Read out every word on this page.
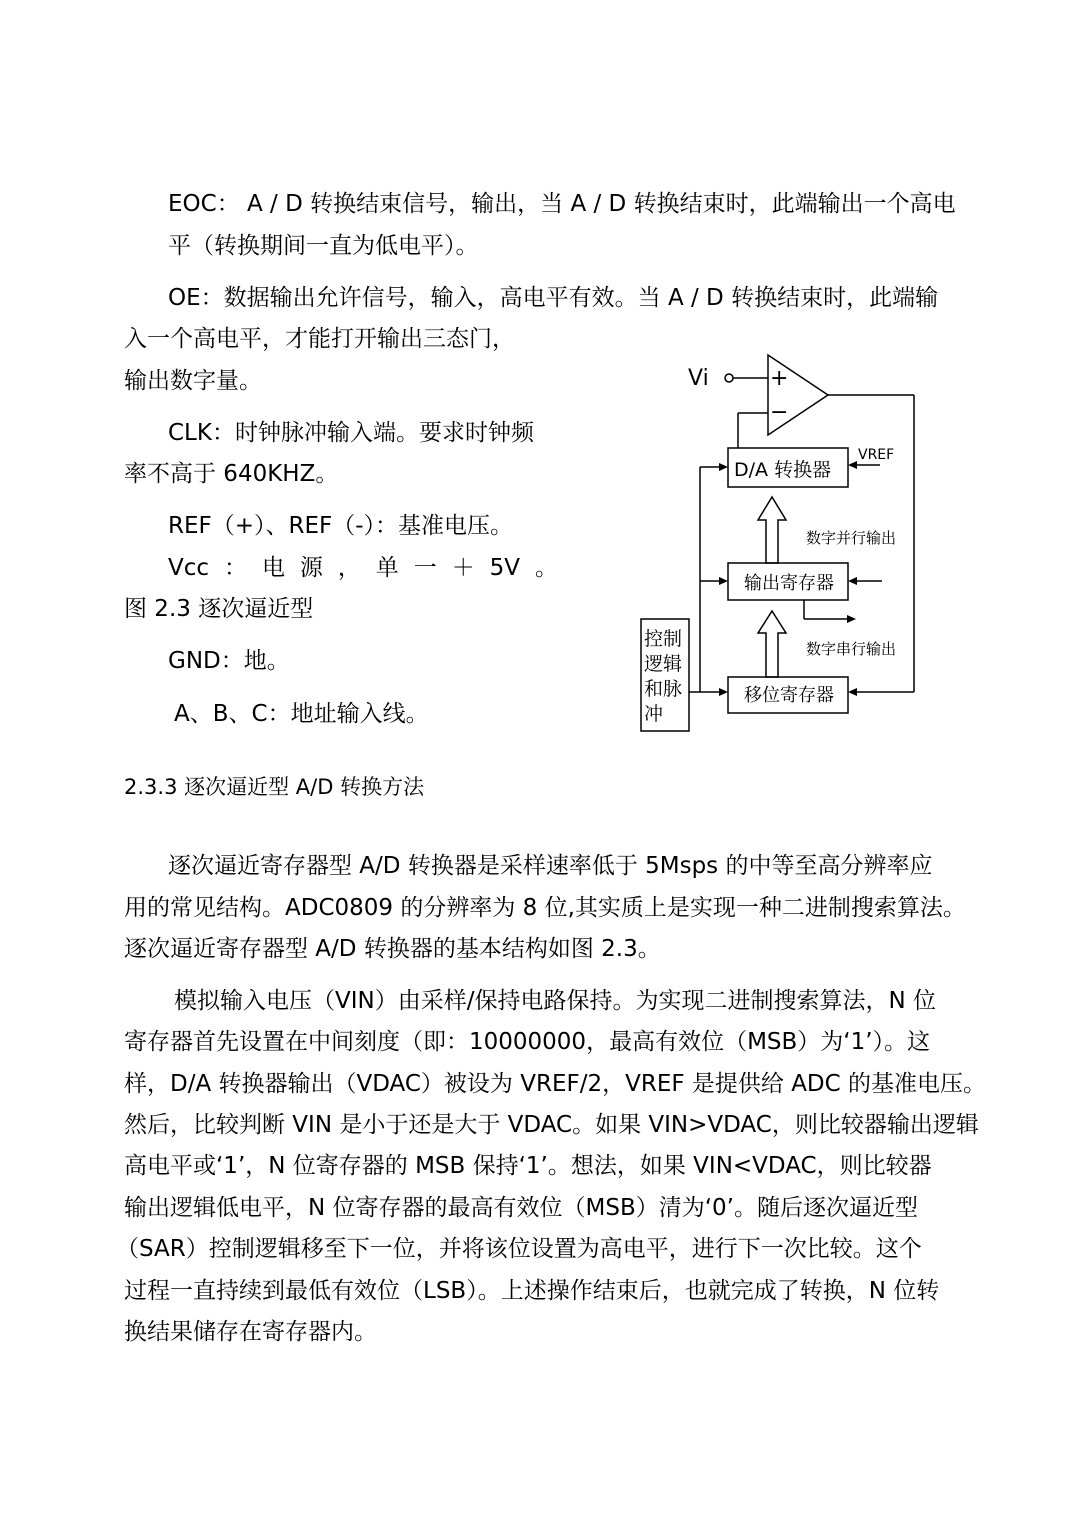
EOC： A / D 转换结束信号，输出，当 A / D 转换结束时，此端输出一个高电
平（转换期间一直为低电平）。
OE：数据输出允许信号，输入，高电平有效。当 A / D 转换结束时，此端输
入一个高电平，才能打开输出三态门，
输出数字量。
CLK：时钟脉冲输入端。要求时钟频
率不高于 640KHZ。
REF（+）、REF（-）：基准电压。
Vcc ： 电 源 ， 单 一 ＋ 5V 。
图 2.3 逐次逼近型
GND：地。
A、B、C：地址输入线。
Vi	+
−
VREF
D/A 转换器
数字并行输出
输出寄存器
数字串行输出
移位寄存器
控制
逻辑
和脉
冲
2.3.3 逐次逼近型 A/D 转换方法
逐次逼近寄存器型 A/D 转换器是采样速率低于 5Msps 的中等至高分辨率应
用的常见结构。ADC0809 的分辨率为 8 位,其实质上是实现一种二进制搜索算法。
逐次逼近寄存器型 A/D 转换器的基本结构如图 2.3。
模拟输入电压（VIN）由采样/保持电路保持。为实现二进制搜索算法，N 位
寄存器首先设置在中间刻度（即：10000000，最高有效位（MSB）为‘1’）。这
样，D/A 转换器输出（VDAC）被设为 VREF/2，VREF 是提供给 ADC 的基准电压。
然后，比较判断 VIN 是小于还是大于 VDAC。如果 VIN>VDAC，则比较器输出逻辑
高电平或‘1’，N 位寄存器的 MSB 保持‘1’。想法，如果 VIN<VDAC，则比较器
输出逻辑低电平，N 位寄存器的最高有效位（MSB）清为‘0’。随后逐次逼近型
（SAR）控制逻辑移至下一位，并将该位设置为高电平，进行下一次比较。这个
过程一直持续到最低有效位（LSB）。上述操作结束后，也就完成了转换，N 位转
换结果储存在寄存器内。
